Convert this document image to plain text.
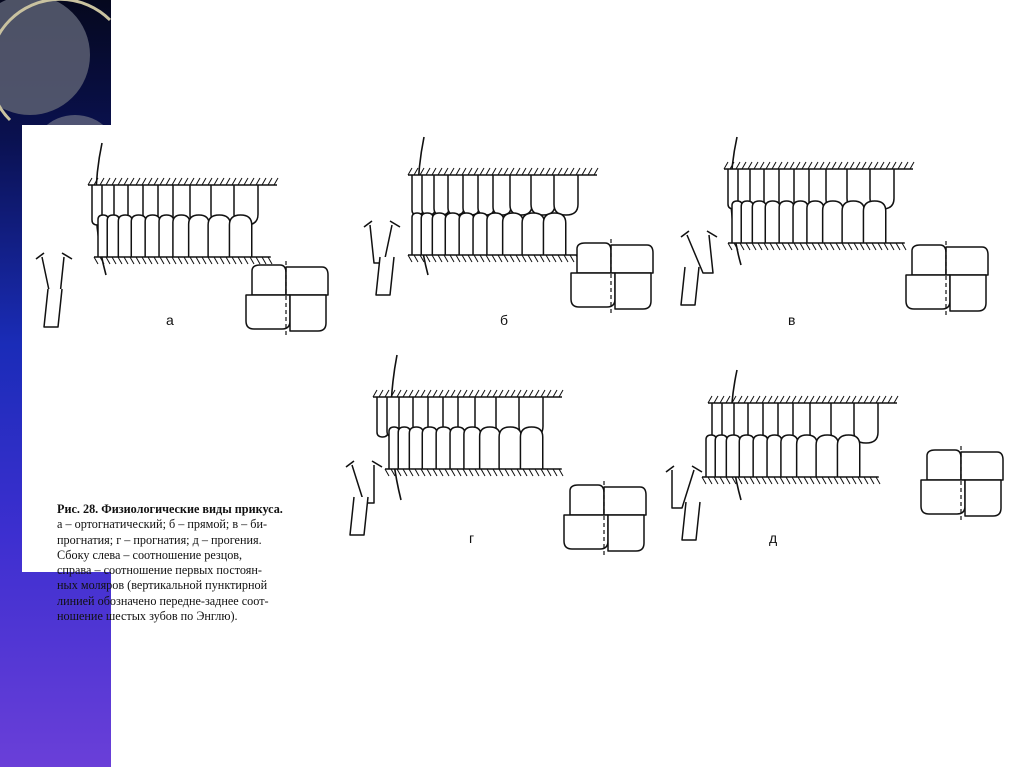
Рис. 28. Физиологические виды прикуса.
а – ортогнатический; б – прямой; в – би-
прогнатия; г – прогнатия; д – прогения.
Сбоку слева – соотношение резцов,
справа – соотношение первых постоян-
ных моляров (вертикальной пунктирной
линией обозначено передне-заднее соот-
ношение шестых зубов по Энглю).
а	б	в
г	д
